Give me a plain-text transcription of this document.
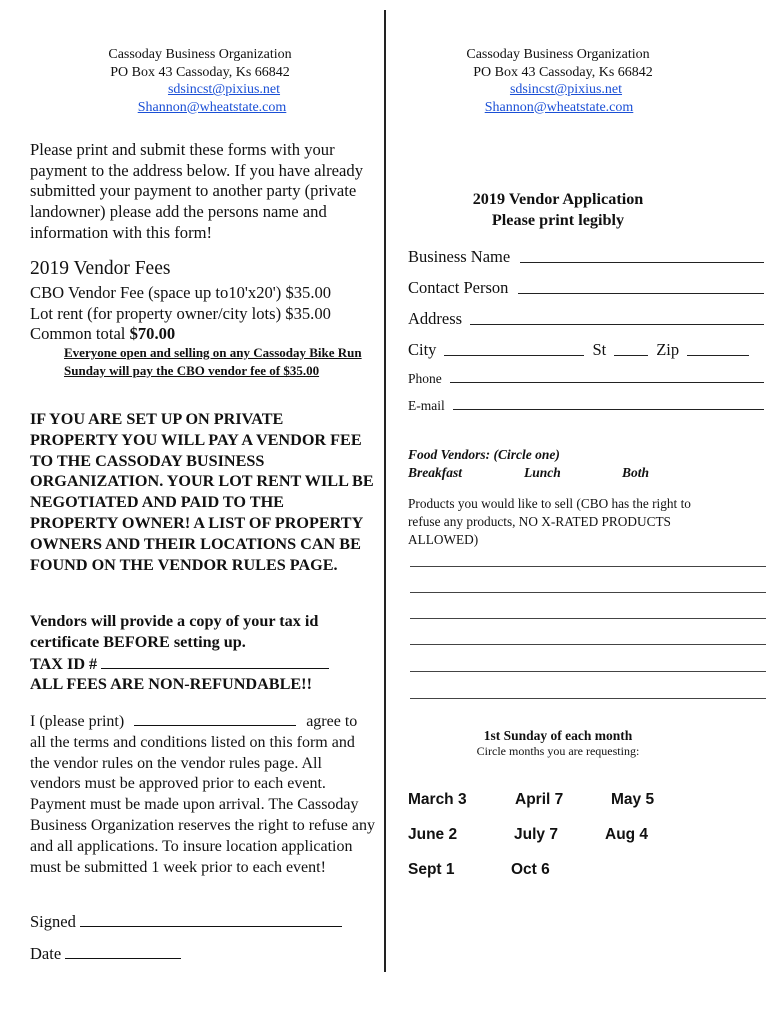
Cassoday Business Organization
PO Box 43 Cassoday, Ks 66842
sdsincst@pixius.net
Shannon@wheatstate.com
Please print and submit these forms with your payment to the address below. If you have already submitted your payment to another party (private landowner) please add the persons name and information with this form!
2019 Vendor Fees
CBO Vendor Fee (space up to10'x20') $35.00
Lot rent (for property owner/city lots) $35.00
Common total $70.00
Everyone open and selling on any Cassoday Bike Run Sunday will pay the CBO vendor fee of $35.00
IF YOU ARE SET UP ON PRIVATE PROPERTY YOU WILL PAY A VENDOR FEE TO THE CASSODAY BUSINESS ORGANIZATION. YOUR LOT RENT WILL BE NEGOTIATED AND PAID TO THE PROPERTY OWNER! A LIST OF PROPERTY OWNERS AND THEIR LOCATIONS CAN BE FOUND ON THE VENDOR RULES PAGE.
Vendors will provide a copy of your tax id certificate BEFORE setting up.
TAX ID #
ALL FEES ARE NON-REFUNDABLE!!
I (please print)	agree to all the terms and conditions listed on this form and the vendor rules on the vendor rules page. All vendors must be approved prior to each event. Payment must be made upon arrival. The Cassoday Business Organization reserves the right to refuse any and all applications. To insure location application must be submitted 1 week prior to each event!
Signed
Date
Cassoday Business Organization
PO Box 43 Cassoday, Ks 66842
sdsincst@pixius.net
Shannon@wheatstate.com
2019 Vendor Application
Please print legibly
Business Name
Contact Person
Address
City	St	Zip
Phone
E-mail
Food Vendors: (Circle one)
Breakfast	Lunch	Both
Products you would like to sell (CBO has the right to refuse any products, NO X-RATED PRODUCTS ALLOWED)
1st Sunday of each month
Circle months you are requesting:
March 3	April 7	May 5
June 2	July 7	Aug 4
Sept 1	Oct 6
